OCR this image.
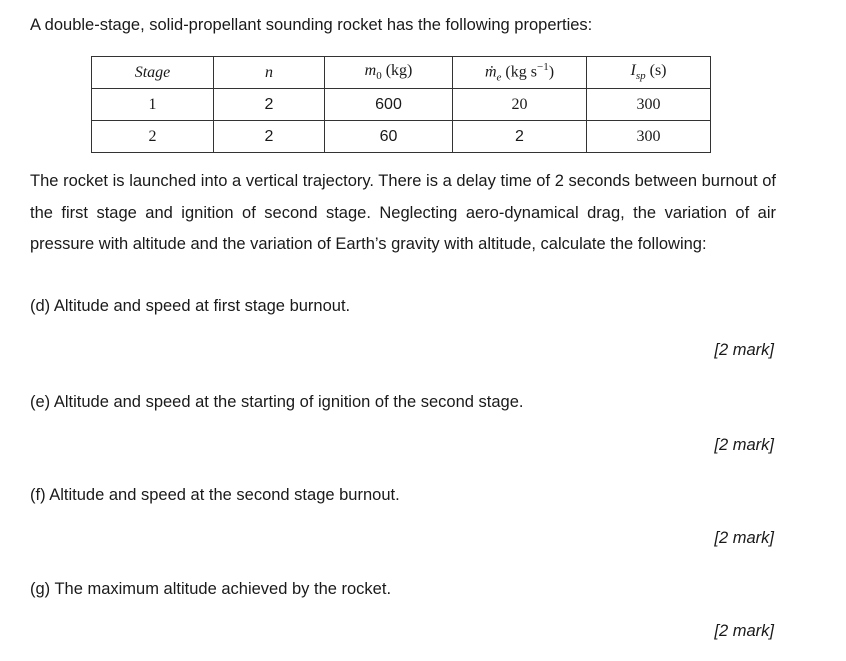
A double-stage, solid-propellant sounding rocket has the following properties:

Stage	n	$m_0$ (kg)	ṁ$_e$ (kg $s^{-1}$)	$I_{sp}$ (s)
1	2	600	20	300
2	2	60	2	300

The rocket is launched into a vertical trajectory. There is a delay time of 2 seconds between burnout of the first stage and ignition of second stage. Neglecting aero-dynamical drag, the variation of air pressure with altitude and the variation of Earth’s gravity with altitude, calculate the following:

(d) Altitude and speed at first stage burnout.

[2 mark]

(e) Altitude and speed at the starting of ignition of the second stage.

[2 mark]

(f) Altitude and speed at the second stage burnout.

[2 mark]

(g) The maximum altitude achieved by the rocket.

[2 mark]
